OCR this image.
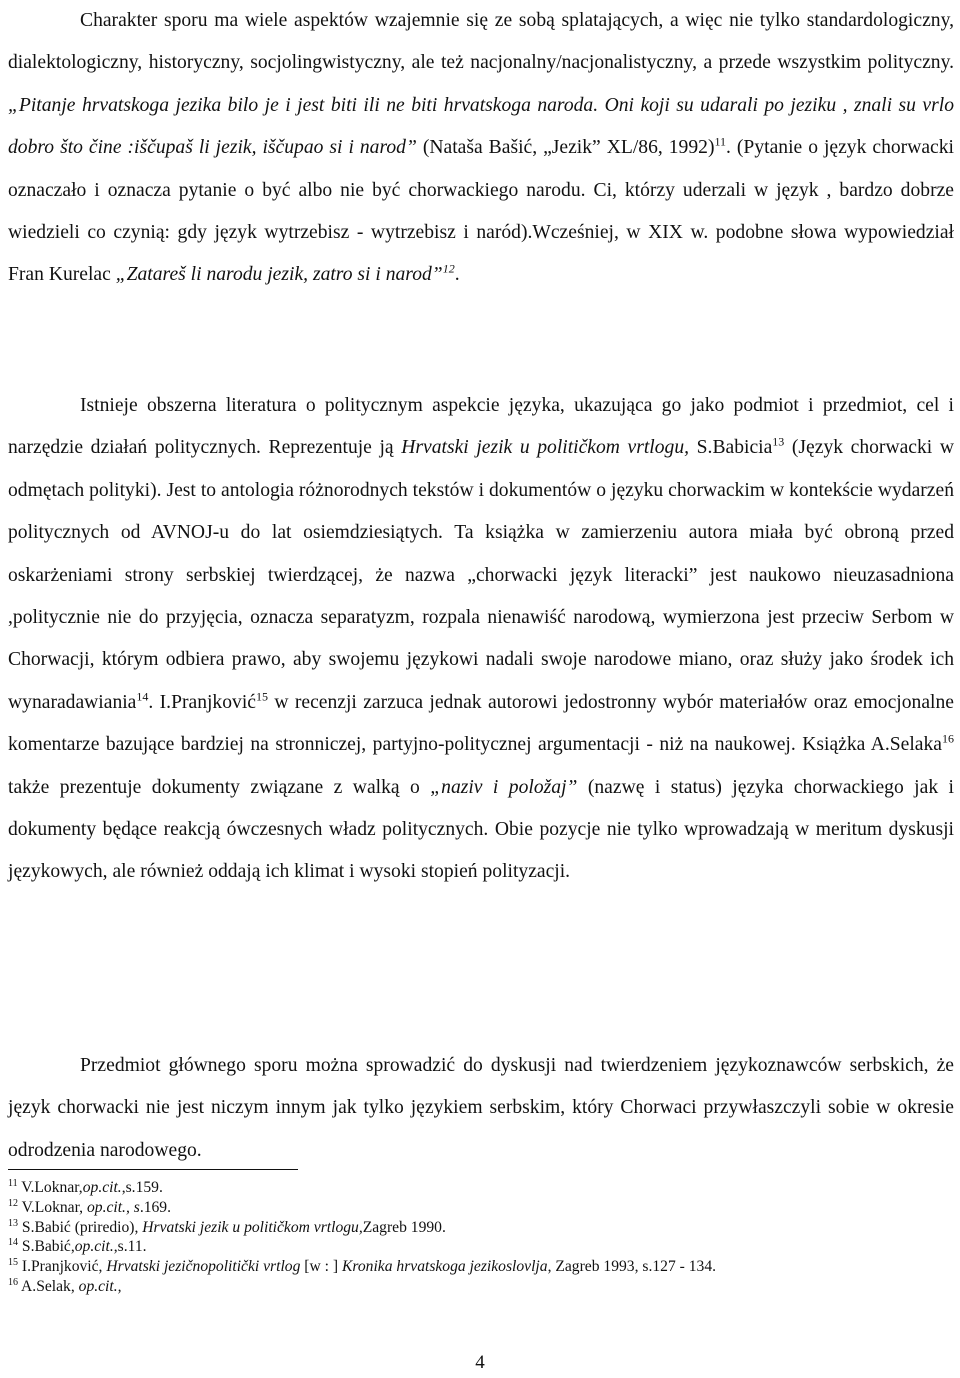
Charakter sporu ma wiele aspektów wzajemnie się ze sobą splatających, a więc nie tylko standardologiczny, dialektologiczny, historyczny, socjolingwistyczny, ale też nacjonalny/nacjonalistyczny, a przede wszystkim polityczny. „Pitanje hrvatskoga jezika bilo je i jest biti ili ne biti hrvatskoga naroda. Oni koji su udarali po jeziku , znali su vrlo dobro što čine :iščupaš li jezik, iščupao si i narod” (Nataša Bašić, „Jezik” XL/86, 1992)$^{11}$. (Pytanie o język chorwacki oznaczało i oznacza pytanie o być albo nie być chorwackiego narodu. Ci, którzy uderzali w język , bardzo dobrze wiedzieli co czynią: gdy język wytrzebisz - wytrzebisz i naród).Wcześniej, w XIX w. podobne słowa wypowiedział Fran Kurelac „Zatareš li narodu jezik, zatro si i narod”$^{12}$.

Istnieje obszerna literatura o politycznym aspekcie języka, ukazująca go jako podmiot i przedmiot, cel i narzędzie działań politycznych. Reprezentuje ją Hrvatski jezik u političkom vrtlogu, S.Babicia$^{13}$ (Język chorwacki w odmętach polityki). Jest to antologia różnorodnych tekstów i dokumentów o języku chorwackim w kontekście wydarzeń politycznych od AVNOJ-u do lat osiemdziesiątych. Ta książka w zamierzeniu autora miała być obroną przed oskarżeniami strony serbskiej twierdzącej, że nazwa „chorwacki język literacki” jest naukowo nieuzasadniona ,politycznie nie do przyjęcia, oznacza separatyzm, rozpala nienawiść narodową, wymierzona jest przeciw Serbom w Chorwacji, którym odbiera prawo, aby swojemu językowi nadali swoje narodowe miano, oraz służy jako środek ich wynaradawiania$^{14}$. I.Pranjković$^{15}$ w recenzji zarzuca jednak autorowi jedostronny wybór materiałów oraz emocjonalne komentarze bazujące bardziej na stronniczej, partyjno-politycznej argumentacji - niż na naukowej. Książka A.Selaka$^{16}$ także prezentuje dokumenty związane z walką o „naziv i položaj” (nazwę i status) języka chorwackiego jak i dokumenty będące reakcją ówczesnych władz politycznych. Obie pozycje nie tylko wprowadzają w meritum dyskusji językowych, ale również oddają ich klimat i wysoki stopień polityzacji.

Przedmiot głównego sporu można sprowadzić do dyskusji nad twierdzeniem językoznawców serbskich, że język chorwacki nie jest niczym innym jak tylko językiem serbskim, który Chorwaci przywłaszczyli sobie w okresie odrodzenia narodowego.

$^{11}$ V.Loknar,op.cit.,s.159.
$^{12}$ V.Loknar, op.cit., s.169.
$^{13}$ S.Babić (priredio), Hrvatski jezik u političkom vrtlogu,Zagreb 1990.
$^{14}$ S.Babić,op.cit.,s.11.
$^{15}$ I.Pranjković, Hrvatski jezičnopolitički vrtlog [w : ] Kronika hrvatskoga jezikoslovlja, Zagreb 1993, s.127 - 134.
$^{16}$ A.Selak, op.cit.,
4
